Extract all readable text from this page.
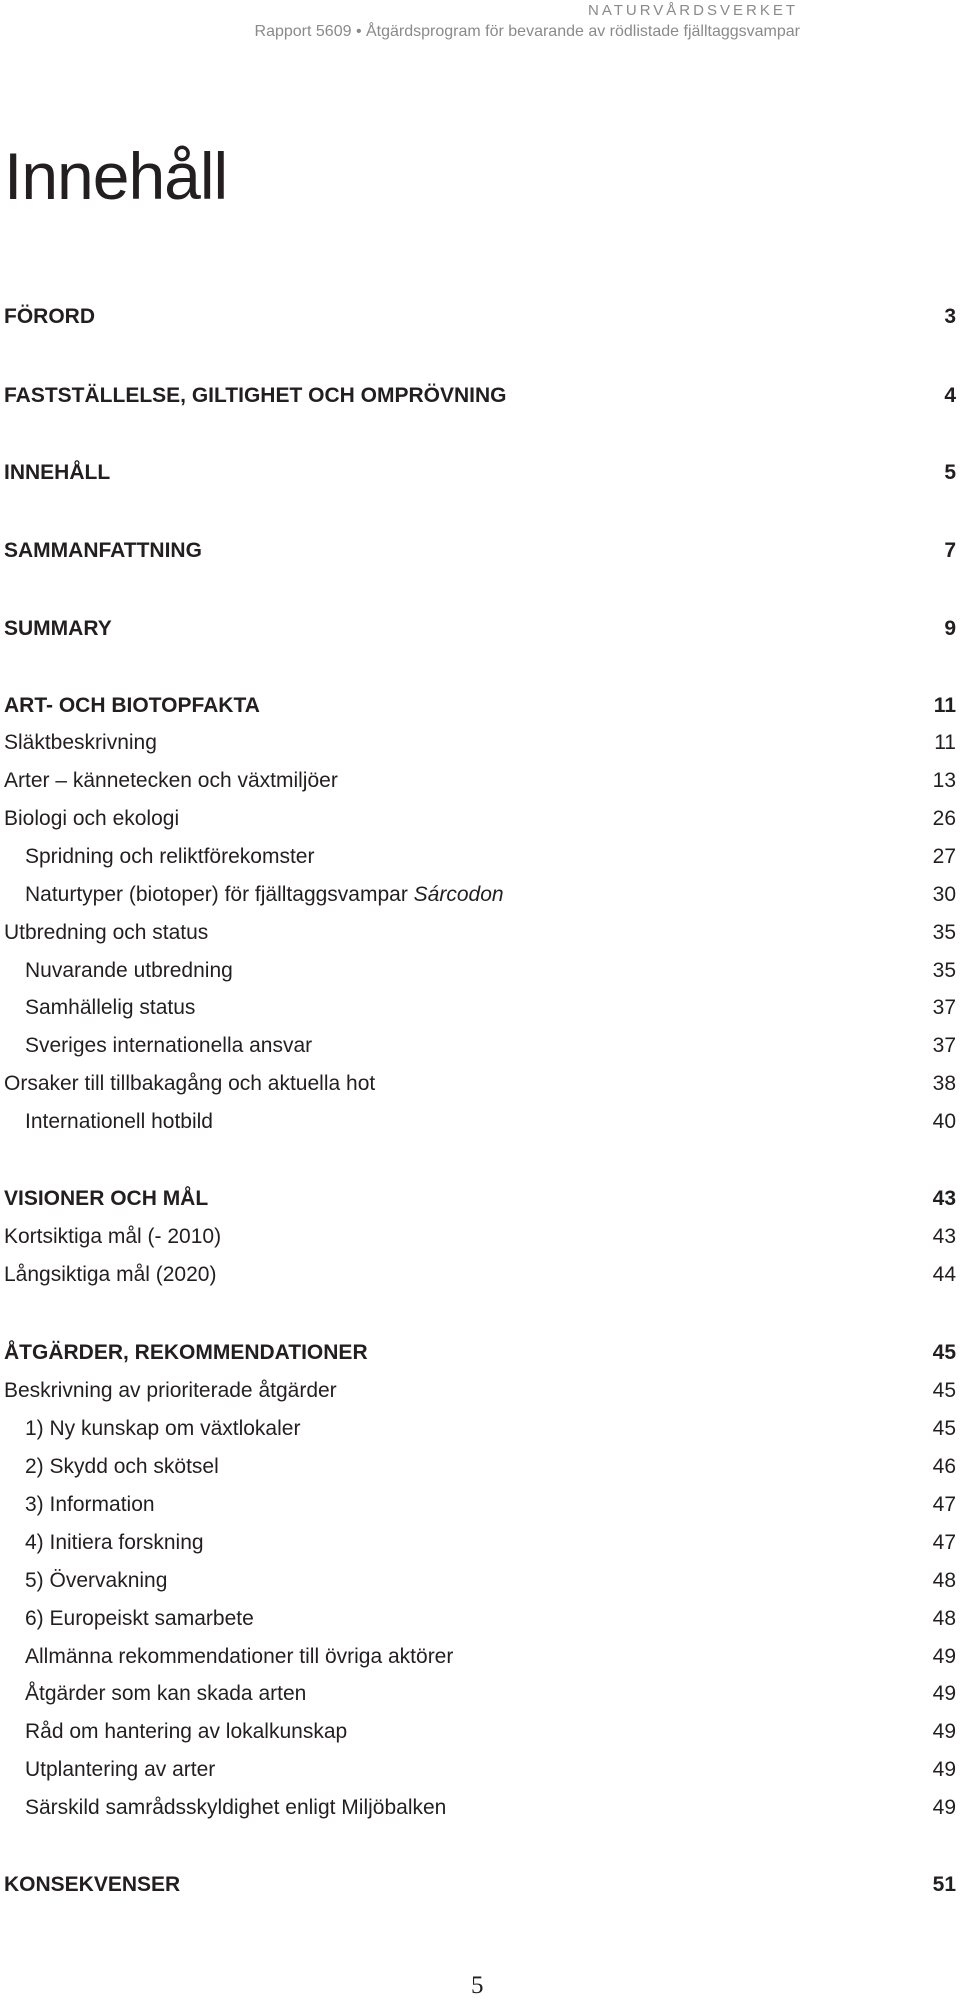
NATURVÅRDSVERKET
Rapport 5609 • Åtgärdsprogram för bevarande av rödlistade fjälltaggsvampar
Innehåll
FÖRORD	3
FASTSTÄLLELSE, GILTIGHET OCH OMPRÖVNING	4
INNEHÅLL	5
SAMMANFATTNING	7
SUMMARY	9
ART- OCH BIOTOPFAKTA	11
Släktbeskrivning	11
Arter – kännetecken och växtmiljöer	13
Biologi och ekologi	26
Spridning och reliktförekomster	27
Naturtyper (biotoper) för fjälltaggsvampar Sárcodon	30
Utbredning och status	35
Nuvarande utbredning	35
Samhällelig status	37
Sveriges internationella ansvar	37
Orsaker till tillbakagång och aktuella hot	38
Internationell hotbild	40
VISIONER OCH MÅL	43
Kortsiktiga mål (- 2010)	43
Långsiktiga mål (2020)	44
ÅTGÄRDER, REKOMMENDATIONER	45
Beskrivning av prioriterade åtgärder	45
1) Ny kunskap om växtlokaler	45
2) Skydd och skötsel	46
3) Information	47
4) Initiera forskning	47
5) Övervakning	48
6) Europeiskt samarbete	48
Allmänna rekommendationer till övriga aktörer	49
Åtgärder som kan skada arten	49
Råd om hantering av lokalkunskap	49
Utplantering av arter	49
Särskild samrådsskyldighet enligt Miljöbalken	49
KONSEKVENSER	51
5
